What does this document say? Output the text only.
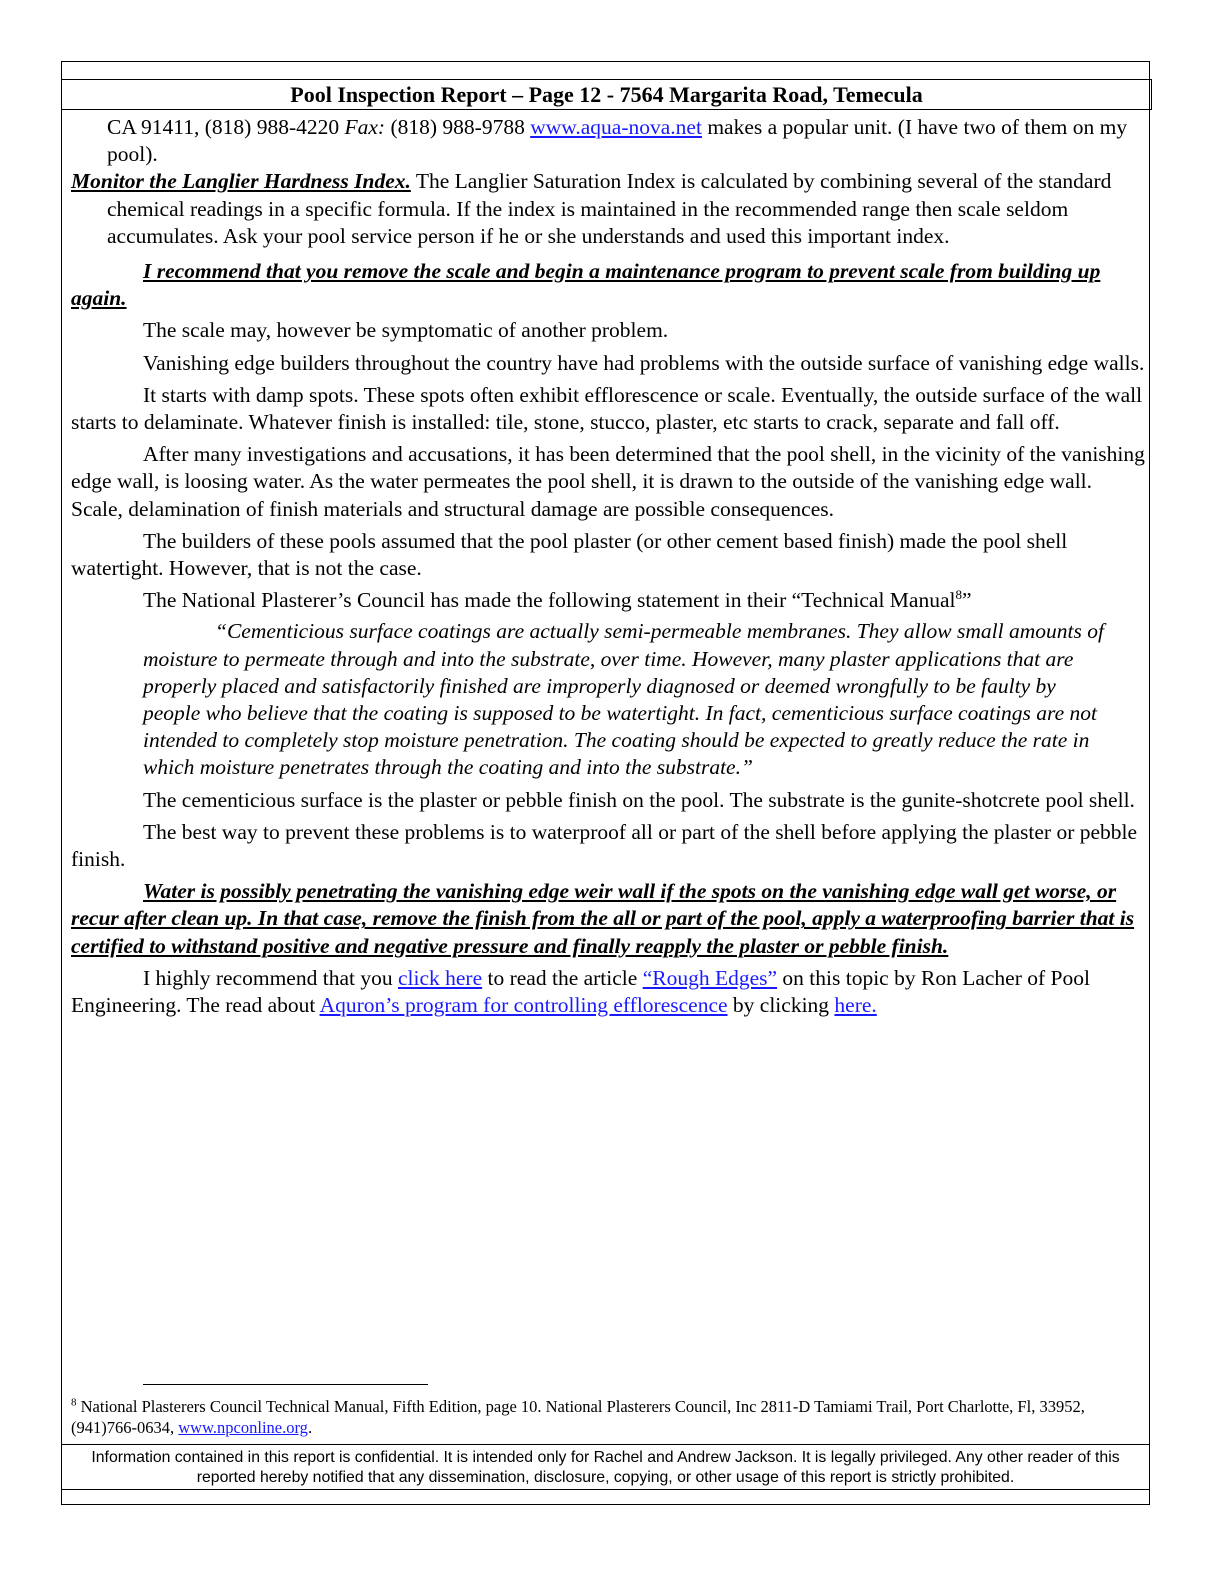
Pool Inspection Report – Page 12 - 7564 Margarita Road, Temecula

CA 91411, (818) 988-4220 Fax: (818) 988-9788 www.aqua-nova.net makes a popular unit. (I have two of them on my pool).

Monitor the Langlier Hardness Index. The Langlier Saturation Index is calculated by combining several of the standard chemical readings in a specific formula. If the index is maintained in the recommended range then scale seldom accumulates. Ask your pool service person if he or she understands and used this important index.

I recommend that you remove the scale and begin a maintenance program to prevent scale from building up again.

The scale may, however be symptomatic of another problem.

Vanishing edge builders throughout the country have had problems with the outside surface of vanishing edge walls.

It starts with damp spots. These spots often exhibit efflorescence or scale. Eventually, the outside surface of the wall starts to delaminate. Whatever finish is installed: tile, stone, stucco, plaster, etc starts to crack, separate and fall off.

After many investigations and accusations, it has been determined that the pool shell, in the vicinity of the vanishing edge wall, is loosing water. As the water permeates the pool shell, it is drawn to the outside of the vanishing edge wall. Scale, delamination of finish materials and structural damage are possible consequences.

The builders of these pools assumed that the pool plaster (or other cement based finish) made the pool shell watertight. However, that is not the case.

The National Plasterer’s Council has made the following statement in their “Technical Manual$^8$”

“Cementicious surface coatings are actually semi-permeable membranes. They allow small amounts of moisture to permeate through and into the substrate, over time. However, many plaster applications that are properly placed and satisfactorily finished are improperly diagnosed or deemed wrongfully to be faulty by people who believe that the coating is supposed to be watertight. In fact, cementicious surface coatings are not intended to completely stop moisture penetration. The coating should be expected to greatly reduce the rate in which moisture penetrates through the coating and into the substrate.”

The cementicious surface is the plaster or pebble finish on the pool. The substrate is the gunite-shotcrete pool shell.

The best way to prevent these problems is to waterproof all or part of the shell before applying the plaster or pebble finish.

Water is possibly penetrating the vanishing edge weir wall if the spots on the vanishing edge wall get worse, or recur after clean up. In that case, remove the finish from the all or part of the pool, apply a waterproofing barrier that is certified to withstand positive and negative pressure and finally reapply the plaster or pebble finish.

I highly recommend that you click here to read the article “Rough Edges” on this topic by Ron Lacher of Pool Engineering. The read about Aquron’s program for controlling efflorescence by clicking here.

$^8$ National Plasterers Council Technical Manual, Fifth Edition, page 10. National Plasterers Council, Inc 2811-D Tamiami Trail, Port Charlotte, Fl, 33952, (941)766-0634, www.npconline.org.
Information contained in this report is confidential. It is intended only for Rachel and Andrew Jackson. It is legally privileged. Any other reader of this reported hereby notified that any dissemination, disclosure, copying, or other usage of this report is strictly prohibited.
